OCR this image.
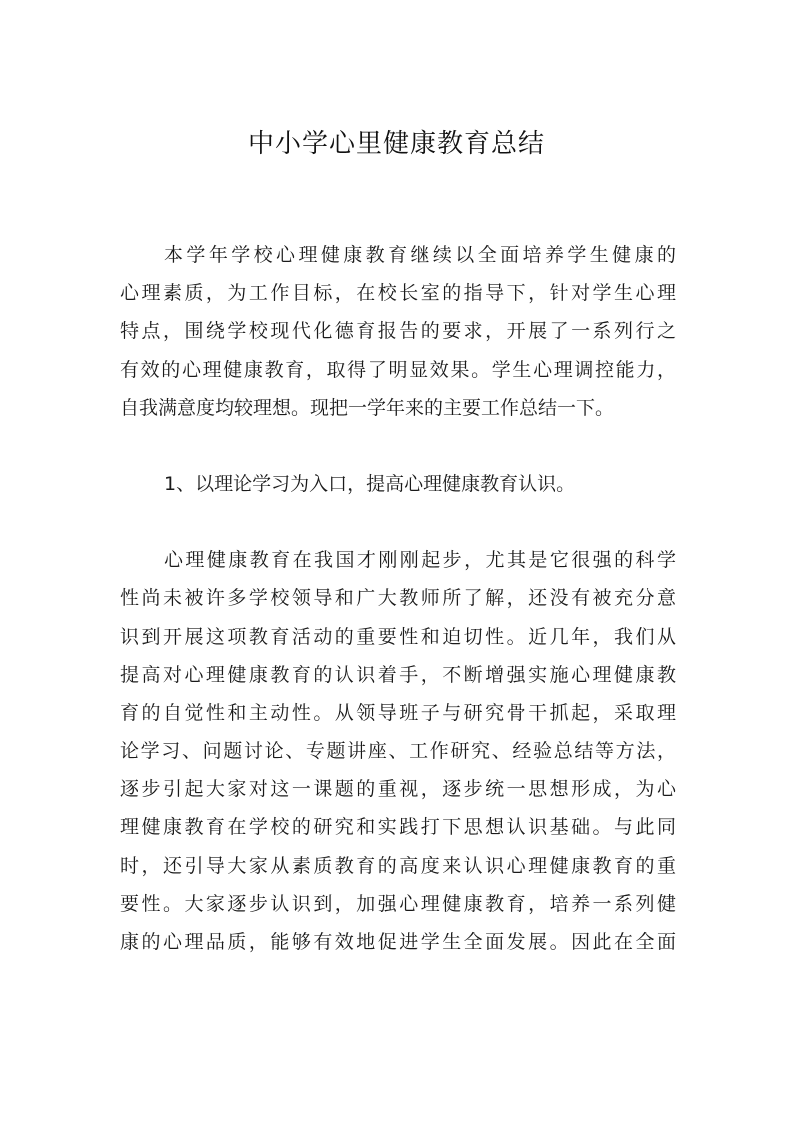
中小学心里健康教育总结
本学年学校心理健康教育继续以全面培养学生健康的
心理素质，为工作目标，在校长室的指导下，针对学生心理
特点，围绕学校现代化德育报告的要求，开展了一系列行之
有效的心理健康教育，取得了明显效果。学生心理调控能力，
自我满意度均较理想。现把一学年来的主要工作总结一下。
1、以理论学习为入口，提高心理健康教育认识。
心理健康教育在我国才刚刚起步，尤其是它很强的科学
性尚未被许多学校领导和广大教师所了解，还没有被充分意
识到开展这项教育活动的重要性和迫切性。近几年，我们从
提高对心理健康教育的认识着手，不断增强实施心理健康教
育的自觉性和主动性。从领导班子与研究骨干抓起，采取理
论学习、问题讨论、专题讲座、工作研究、经验总结等方法，
逐步引起大家对这一课题的重视，逐步统一思想形成，为心
理健康教育在学校的研究和实践打下思想认识基础。与此同
时，还引导大家从素质教育的高度来认识心理健康教育的重
要性。大家逐步认识到，加强心理健康教育，培养一系列健
康的心理品质，能够有效地促进学生全面发展。因此在全面
